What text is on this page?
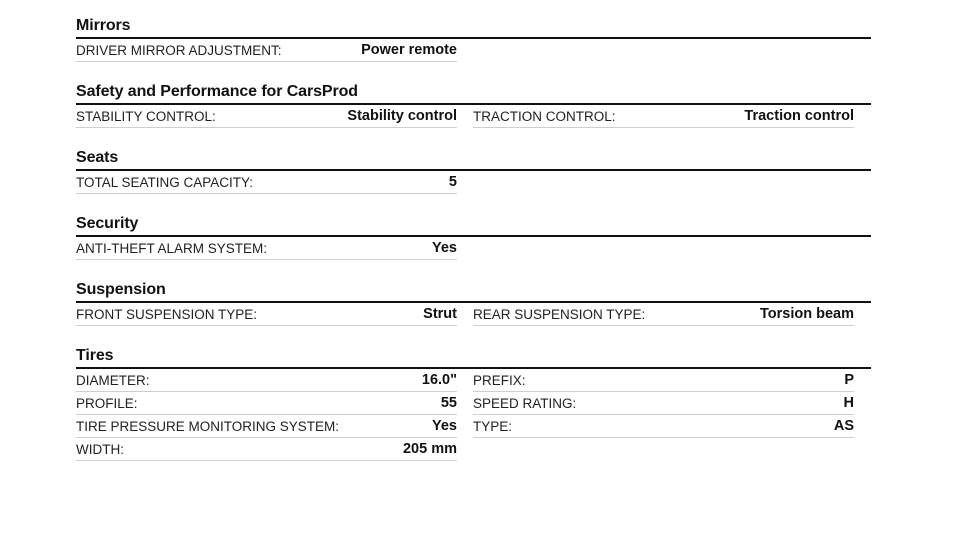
Mirrors
DRIVER MIRROR ADJUSTMENT:	Power remote
Safety and Performance for CarsProd
STABILITY CONTROL:	Stability control TRACTION CONTROL:	Traction control
Seats
TOTAL SEATING CAPACITY:	5
Security
ANTI-THEFT ALARM SYSTEM:	Yes
Suspension
FRONT SUSPENSION TYPE:	Strut REAR SUSPENSION TYPE:	Torsion beam
Tires
DIAMETER:	16.0" PREFIX:	P
PROFILE:	55 SPEED RATING:	H
TIRE PRESSURE MONITORING SYSTEM:	Yes TYPE:	AS
WIDTH:	205 mm
